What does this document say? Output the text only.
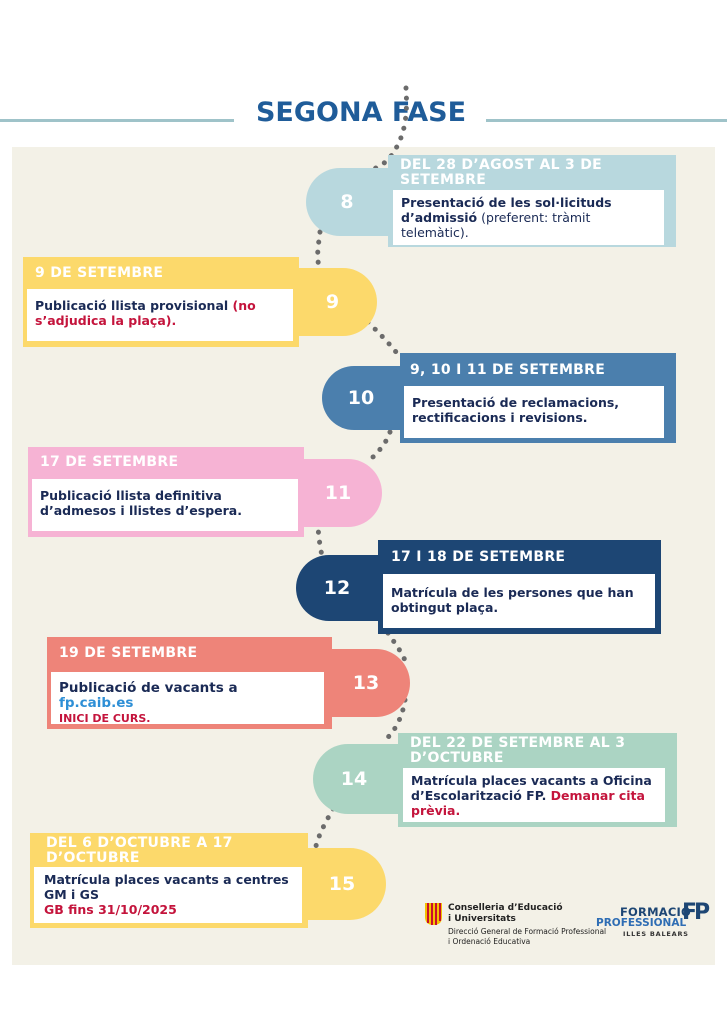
SEGONA FASE
8
DEL 28 D’AGOST AL 3 DE SETEMBRE
Presentació de les sol·licituds d’admissió (preferent: tràmit telemàtic).
9
9 DE SETEMBRE
Publicació llista provisional (no s’adjudica la plaça).
10
9, 10 I 11 DE SETEMBRE
Presentació de reclamacions, rectificacions i revisions.
11
17 DE SETEMBRE
Publicació llista definitiva d’admesos i llistes d’espera.
12
17 I 18 DE SETEMBRE
Matrícula de les persones que han obtingut plaça.
13
19 DE SETEMBRE
Publicació de vacants a fp.caib.es
INICI DE CURS.
14
DEL 22 DE SETEMBRE AL 3 D’OCTUBRE
Matrícula places vacants a Oficina d’Escolarització FP. Demanar cita prèvia.
15
DEL 6 D’OCTUBRE A 17 D’OCTUBRE
Matrícula places vacants a centres GM i GS
GB fins 31/10/2025	Conselleria d’Educació
i Universitats
Direcció General de Formació Professional
i Ordenació Educativa
FORMACIÓ
PROFESSIONAL
FP
ILLES BALEARS
